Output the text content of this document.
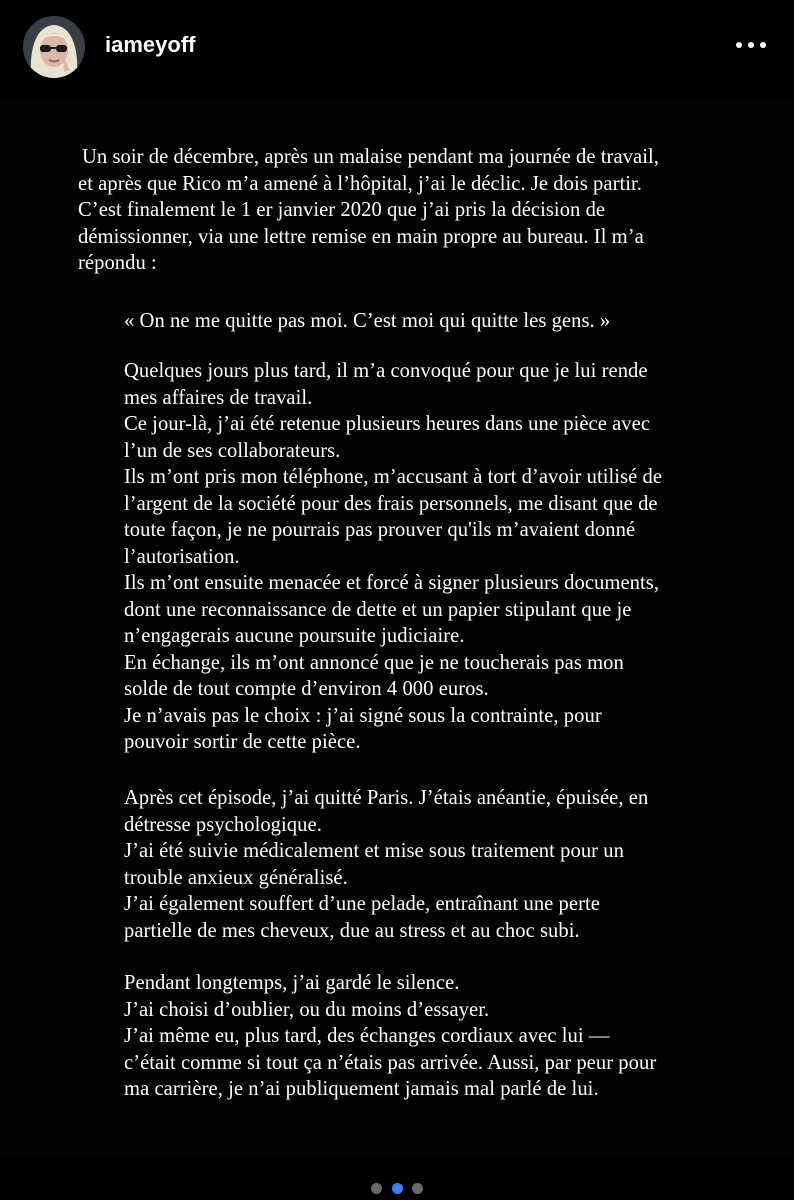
iameyoff

Un soir de décembre, après un malaise pendant ma journée de travail,

et après que Rico m’a amené à l’hôpital, j’ai le déclic. Je dois partir.

C’est finalement le 1 er janvier 2020 que j’ai pris la décision de

démissionner, via une lettre remise en main propre au bureau. Il m’a

répondu :

« On ne me quitte pas moi. C’est moi qui quitte les gens. »

Quelques jours plus tard, il m’a convoqué pour que je lui rende

mes affaires de travail.

Ce jour-là, j’ai été retenue plusieurs heures dans une pièce avec

l’un de ses collaborateurs.

Ils m’ont pris mon téléphone, m’accusant à tort d’avoir utilisé de

l’argent de la société pour des frais personnels, me disant que de

toute façon, je ne pourrais pas prouver qu'ils m’avaient donné

l’autorisation.

Ils m’ont ensuite menacée et forcé à signer plusieurs documents,

dont une reconnaissance de dette et un papier stipulant que je

n’engagerais aucune poursuite judiciaire.

En échange, ils m’ont annoncé que je ne toucherais pas mon

solde de tout compte d’environ 4 000 euros.

Je n’avais pas le choix : j’ai signé sous la contrainte, pour

pouvoir sortir de cette pièce.

Après cet épisode, j’ai quitté Paris. J’étais anéantie, épuisée, en

détresse psychologique.

J’ai été suivie médicalement et mise sous traitement pour un

trouble anxieux généralisé.

J’ai également souffert d’une pelade, entraînant une perte

partielle de mes cheveux, due au stress et au choc subi.

Pendant longtemps, j’ai gardé le silence.

J’ai choisi d’oublier, ou du moins d’essayer.

J’ai même eu, plus tard, des échanges cordiaux avec lui —

c’était comme si tout ça n’étais pas arrivée. Aussi, par peur pour

ma carrière, je n’ai publiquement jamais mal parlé de lui.
